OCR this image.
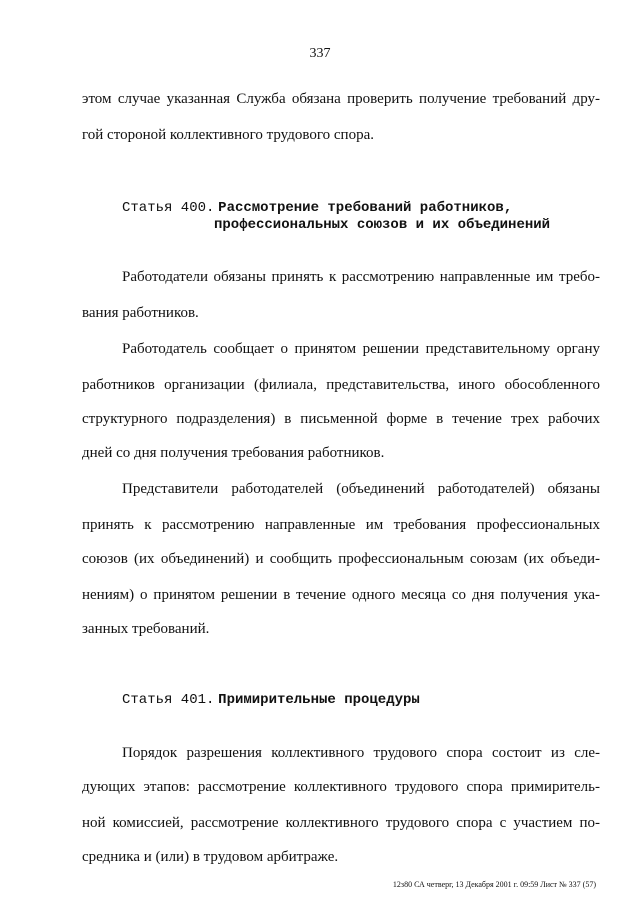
337
этом случае указанная Служба обязана проверить получение требований дру-
гой стороной коллективного трудового спора.
Статья 400. Рассмотрение требований работников,
профессиональных союзов и их объединений
Работодатели обязаны принять к рассмотрению направленные им требо-
вания работников.
Работодатель сообщает о принятом решении представительному органу
работников организации (филиала, представительства, иного обособленного
структурного подразделения) в письменной форме в течение трех рабочих
дней со дня получения требования работников.
Представители работодателей (объединений работодателей) обязаны
принять к рассмотрению направленные им требования профессиональных
союзов (их объединений) и сообщить профессиональным союзам (их объеди-
нениям) о принятом решении в течение одного месяца со дня получения ука-
занных требований.
Статья 401. Примирительные процедуры
Порядок разрешения коллективного трудового спора состоит из сле-
дующих этапов: рассмотрение коллективного трудового спора примиритель-
ной комиссией, рассмотрение коллективного трудового спора с участием по-
средника и (или) в трудовом арбитраже.
12з80 СА четверг, 13 Декабря 2001 г. 09:59 Лист № 337 (57)
